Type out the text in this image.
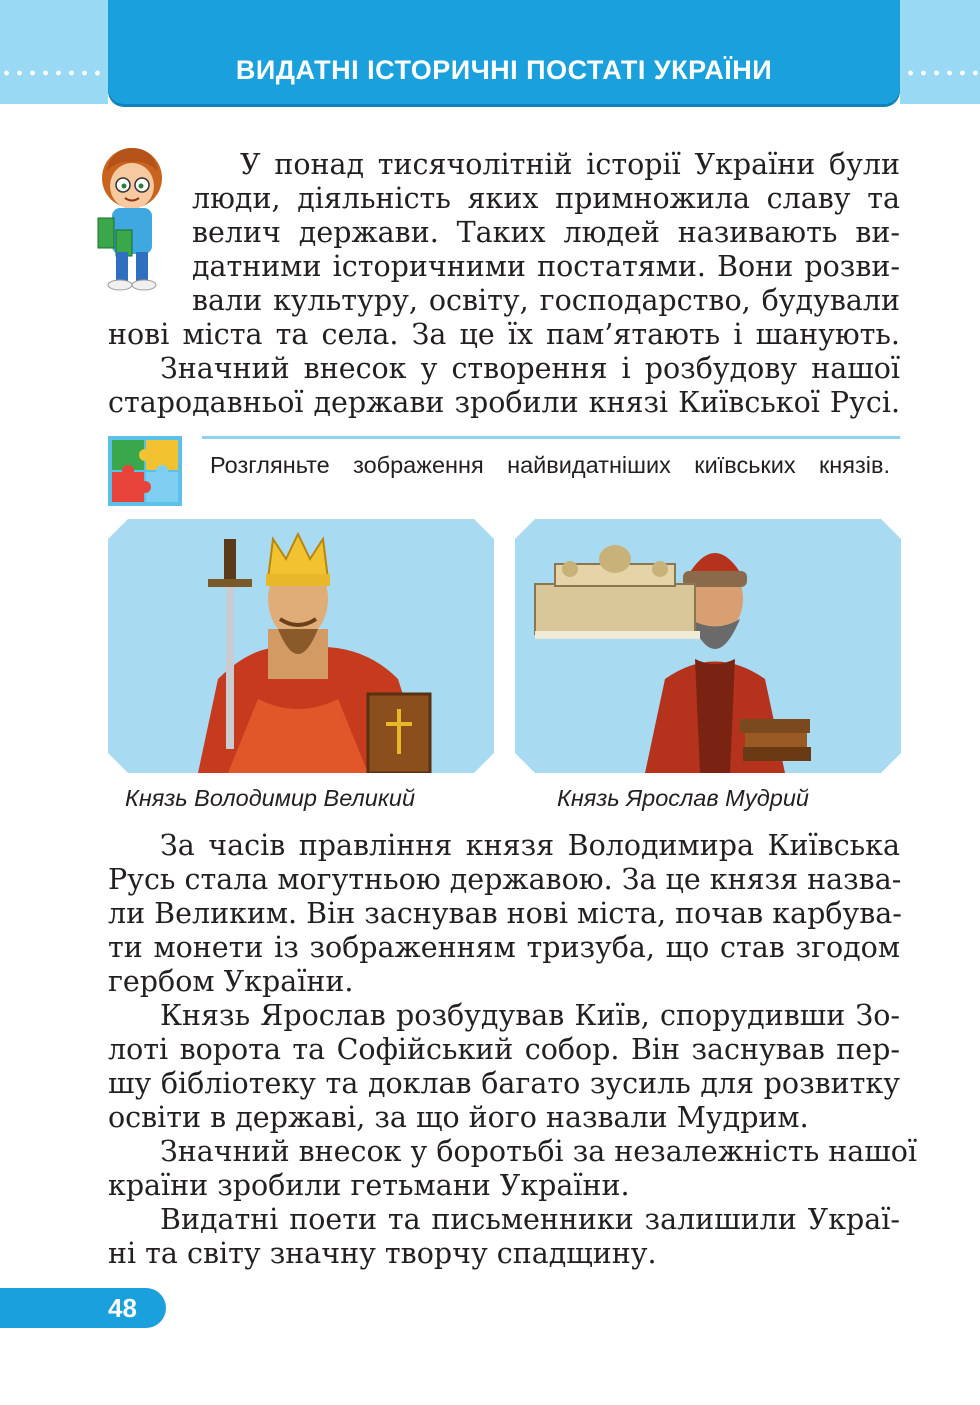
ВИДАТНІ ІСТОРИЧНІ ПОСТАТІ УКРАЇНИ
У понад тисячолітній історії України були
люди, діяльність яких примножила славу та
велич держави. Таких людей називають ви-
датними історичними постатями. Вони розви-
вали культуру, освіту, господарство, будували
нові міста та села. За це їх пам’ятають і шанують.
Значний внесок у створення і розбудову нашої
стародавньої держави зробили князі Київської Русі.
Розгляньте зображення найвидатніших київських князів.
Князь Володимир Великий	Князь Ярослав Мудрий
За часів правління князя Володимира Київська
Русь стала могутньою державою. За це князя назва-
ли Великим. Він заснував нові міста, почав карбува-
ти монети із зображенням тризуба, що став згодом
гербом України.
Князь Ярослав розбудував Київ, спорудивши Зо-
лоті ворота та Софійський собор. Він заснував пер-
шу бібліотеку та доклав багато зусиль для розвитку
освіти в державі, за що його назвали Мудрим.
Значний внесок у боротьбі за незалежність нашої
країни зробили гетьмани України.
Видатні поети та письменники залишили Украї-
ні та світу значну творчу спадщину.
48
